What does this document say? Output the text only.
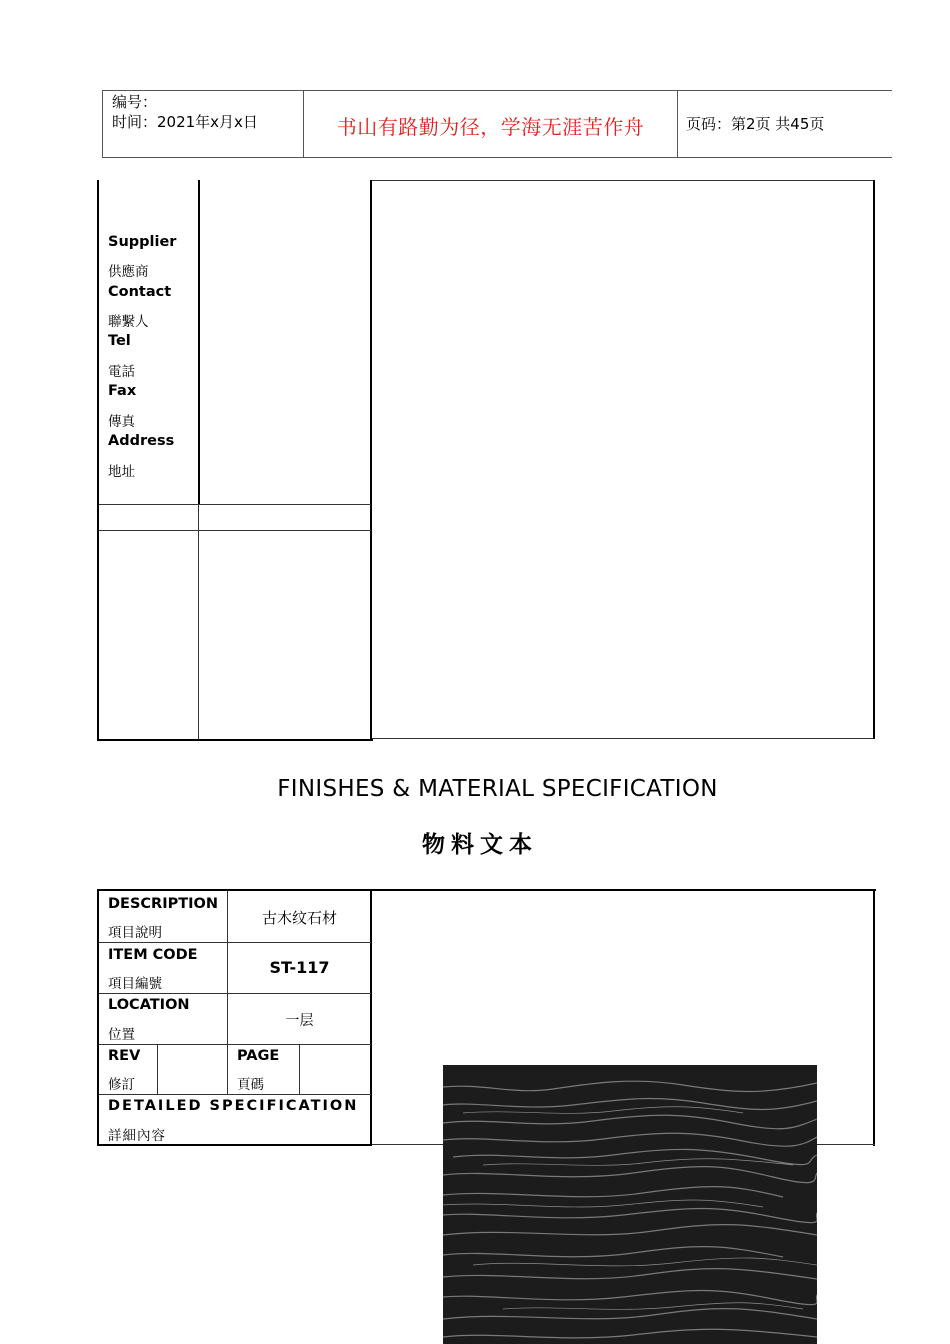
编号：
时间：2021年x月x日	书山有路勤为径，学海无涯苦作舟	页码：第2页 共45页
Supplier
供應商
Contact
聯繫人
Tel
電話
Fax
傳真
Address
地址
FINISHES & MATERIAL SPECIFICATION
物料文本
DESCRIPTION
項目說明
古木纹石材
ITEM CODE
項目編號
ST-117
LOCATION
位置
一层
REV
修訂
PAGE
頁碼
DETAILED SPECIFICATION
詳細內容
